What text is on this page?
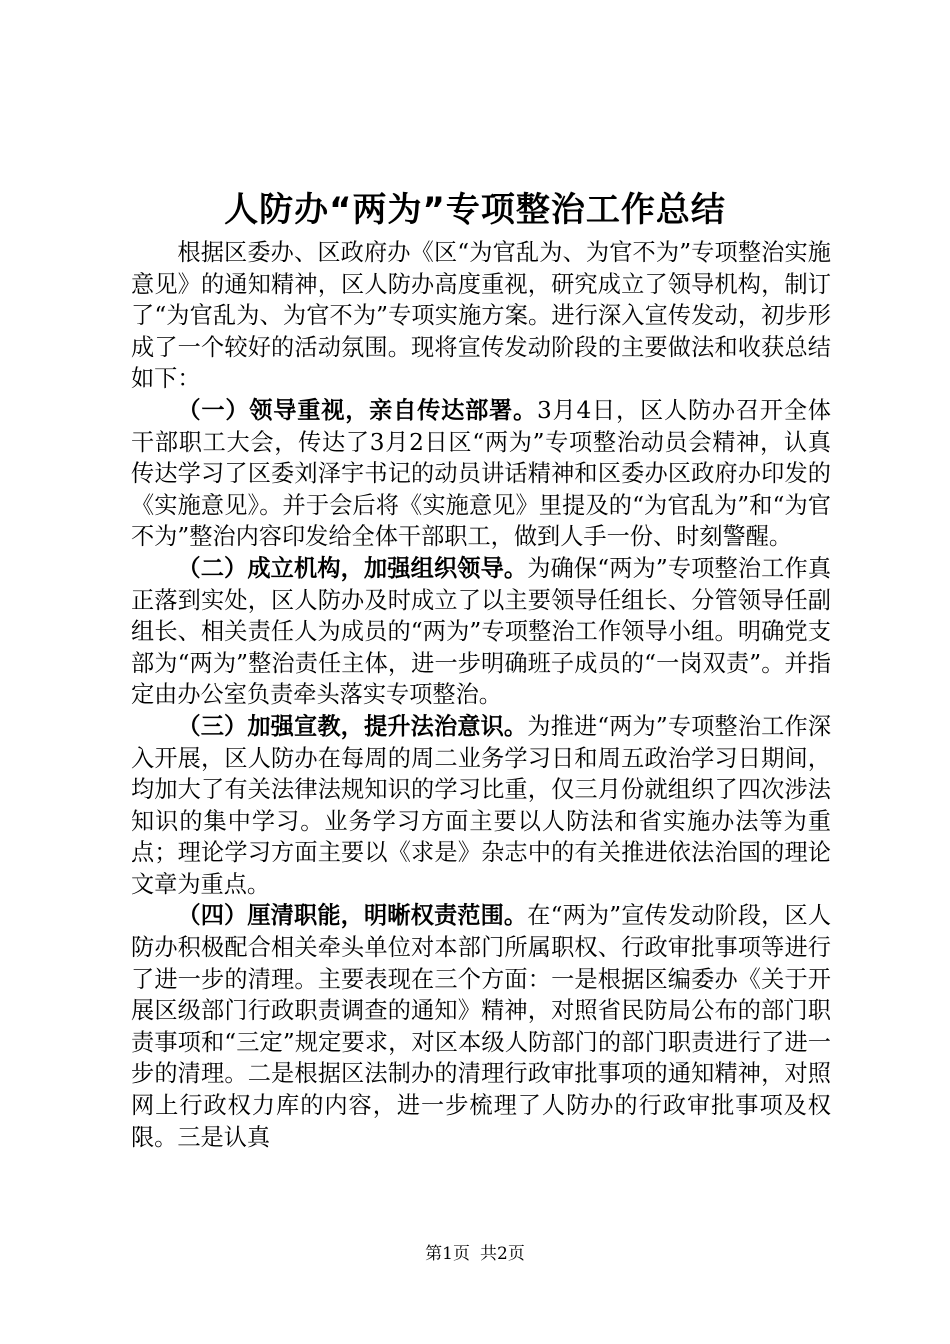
人防办“两为”专项整治工作总结

根据区委办、区政府办《区“为官乱为、为官不为”专项整治实施意见》的通知精神，区人防办高度重视，研究成立了领导机构，制订了“为官乱为、为官不为”专项实施方案。进行深入宣传发动，初步形成了一个较好的活动氛围。现将宣传发动阶段的主要做法和收获总结如下：

（一）领导重视，亲自传达部署。3月4日，区人防办召开全体干部职工大会，传达了3月2日区“两为”专项整治动员会精神，认真传达学习了区委刘泽宇书记的动员讲话精神和区委办区政府办印发的《实施意见》。并于会后将《实施意见》里提及的“为官乱为”和“为官不为”整治内容印发给全体干部职工，做到人手一份、时刻警醒。

（二）成立机构，加强组织领导。为确保“两为”专项整治工作真正落到实处，区人防办及时成立了以主要领导任组长、分管领导任副组长、相关责任人为成员的“两为”专项整治工作领导小组。明确党支部为“两为”整治责任主体，进一步明确班子成员的“一岗双责”。并指定由办公室负责牵头落实专项整治。

（三）加强宣教，提升法治意识。为推进“两为”专项整治工作深入开展，区人防办在每周的周二业务学习日和周五政治学习日期间，均加大了有关法律法规知识的学习比重，仅三月份就组织了四次涉法知识的集中学习。业务学习方面主要以人防法和省实施办法等为重点；理论学习方面主要以《求是》杂志中的有关推进依法治国的理论文章为重点。

（四）厘清职能，明晰权责范围。在“两为”宣传发动阶段，区人防办积极配合相关牵头单位对本部门所属职权、行政审批事项等进行了进一步的清理。主要表现在三个方面：一是根据区编委办《关于开展区级部门行政职责调查的通知》精神，对照省民防局公布的部门职责事项和“三定”规定要求，对区本级人防部门的部门职责进行了进一步的清理。二是根据区法制办的清理行政审批事项的通知精神，对照网上行政权力库的内容，进一步梳理了人防办的行政审批事项及权限。三是认真

第1页 共2页
